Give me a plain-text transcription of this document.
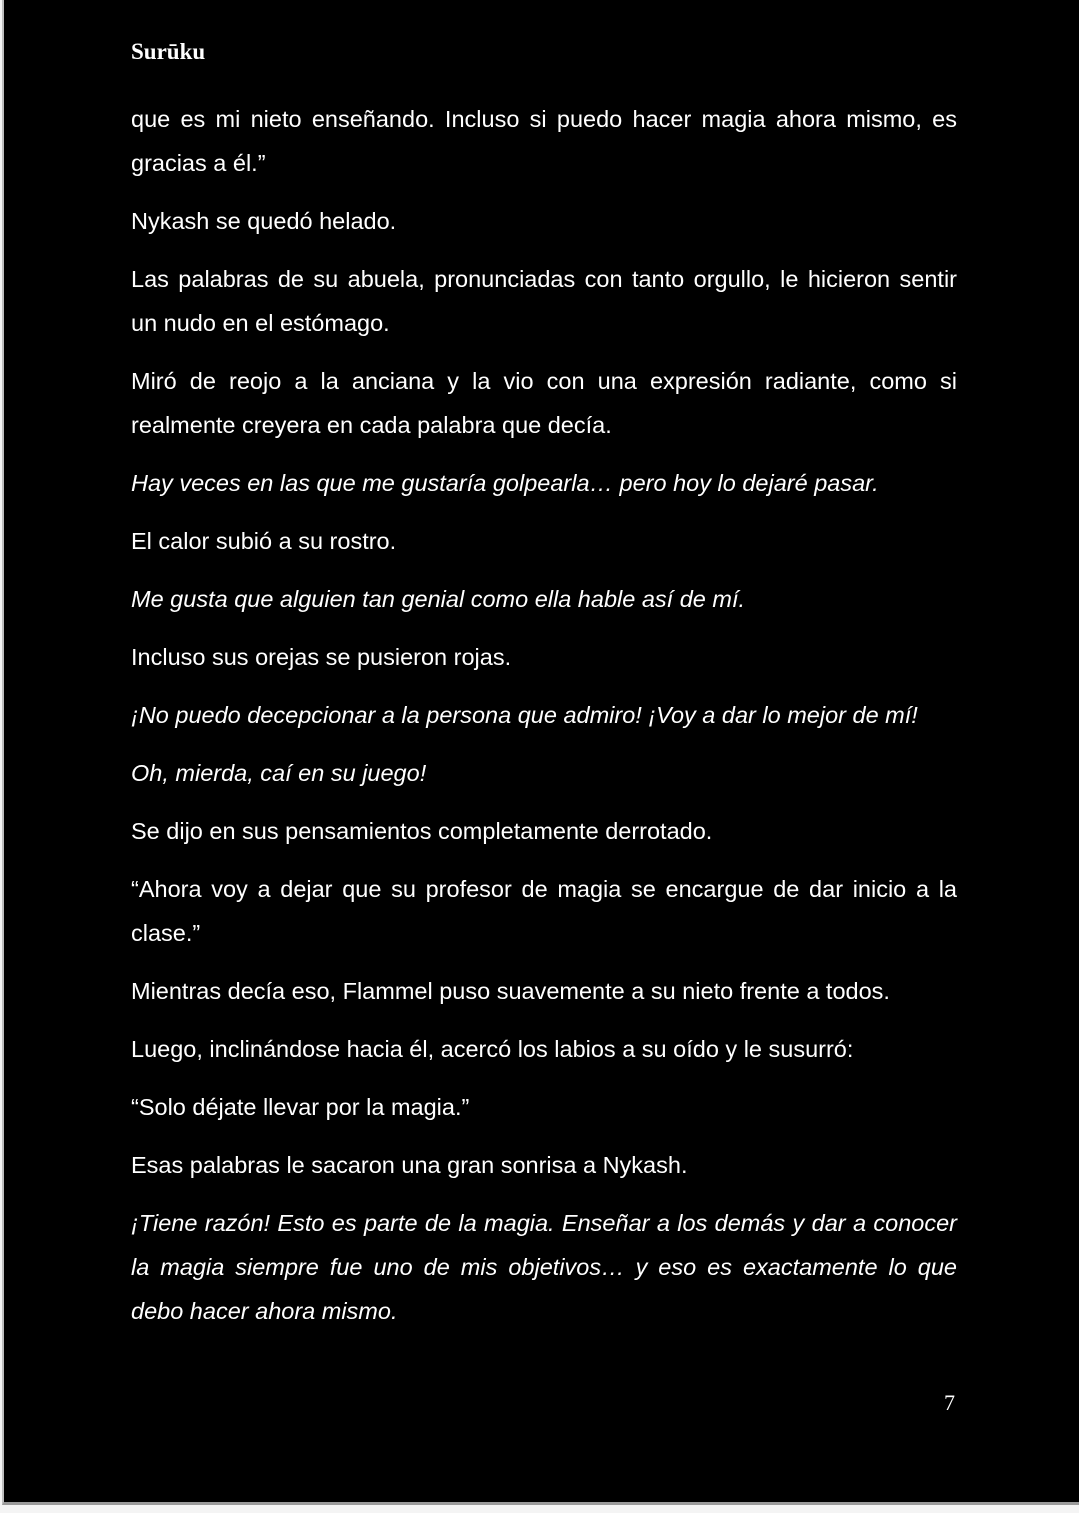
Surūku

que es mi nieto enseñando. Incluso si puedo hacer magia ahora mismo, es gracias a él.”

Nykash se quedó helado.

Las palabras de su abuela, pronunciadas con tanto orgullo, le hicieron sentir un nudo en el estómago.

Miró de reojo a la anciana y la vio con una expresión radiante, como si realmente creyera en cada palabra que decía.

Hay veces en las que me gustaría golpearla… pero hoy lo dejaré pasar.

El calor subió a su rostro.

Me gusta que alguien tan genial como ella hable así de mí.

Incluso sus orejas se pusieron rojas.

¡No puedo decepcionar a la persona que admiro! ¡Voy a dar lo mejor de mí!

Oh, mierda, caí en su juego!

Se dijo en sus pensamientos completamente derrotado.

“Ahora voy a dejar que su profesor de magia se encargue de dar inicio a la clase.”

Mientras decía eso, Flammel puso suavemente a su nieto frente a todos.

Luego, inclinándose hacia él, acercó los labios a su oído y le susurró:

“Solo déjate llevar por la magia.”

Esas palabras le sacaron una gran sonrisa a Nykash.

¡Tiene razón! Esto es parte de la magia. Enseñar a los demás y dar a conocer la magia siempre fue uno de mis objetivos… y eso es exactamente lo que debo hacer ahora mismo.

7
